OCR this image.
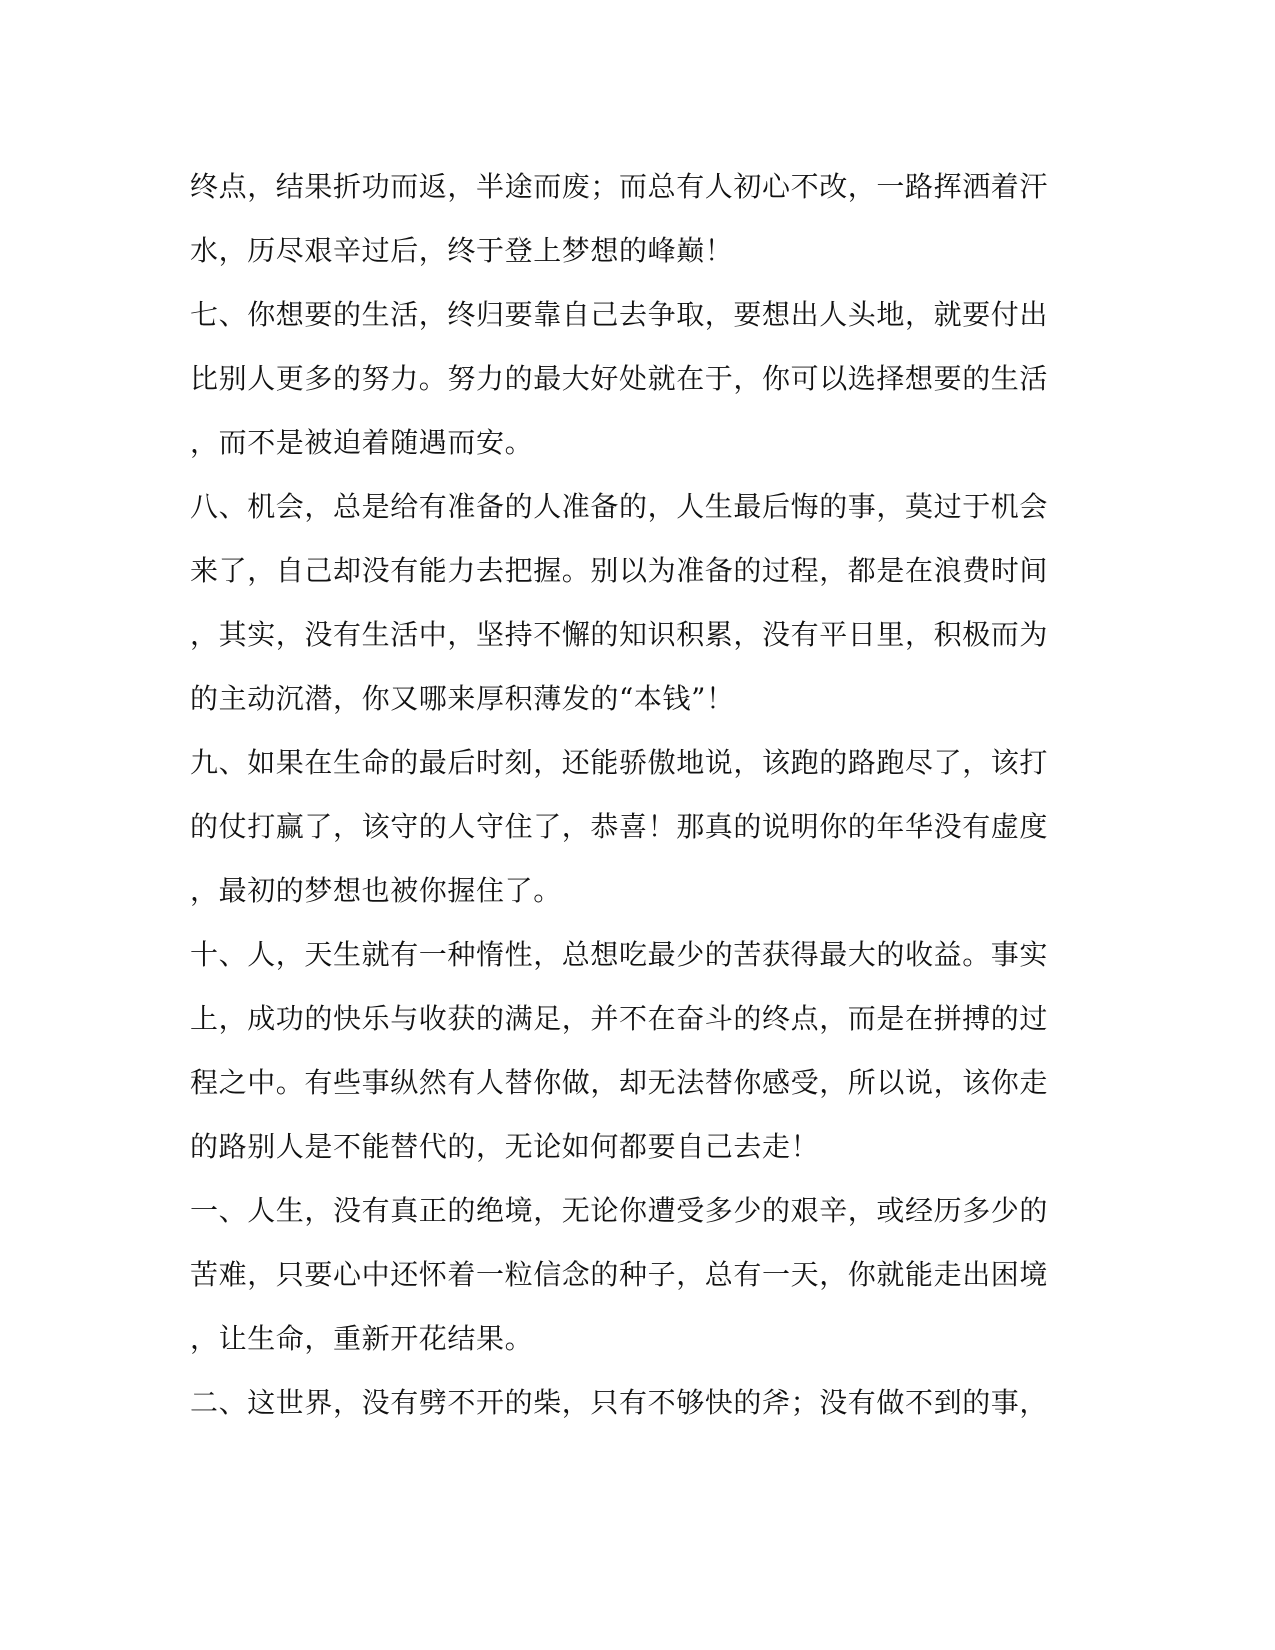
终点，结果折功而返，半途而废；而总有人初心不改，一路挥洒着汗
水，历尽艰辛过后，终于登上梦想的峰巅！
七、你想要的生活，终归要靠自己去争取，要想出人头地，就要付出
比别人更多的努力。努力的最大好处就在于，你可以选择想要的生活
，而不是被迫着随遇而安。
八、机会，总是给有准备的人准备的，人生最后悔的事，莫过于机会
来了，自己却没有能力去把握。别以为准备的过程，都是在浪费时间
，其实，没有生活中，坚持不懈的知识积累，没有平日里，积极而为
的主动沉潜，你又哪来厚积薄发的“本钱”！
九、如果在生命的最后时刻，还能骄傲地说，该跑的路跑尽了，该打
的仗打赢了，该守的人守住了，恭喜！那真的说明你的年华没有虚度
，最初的梦想也被你握住了。
十、人，天生就有一种惰性，总想吃最少的苦获得最大的收益。事实
上，成功的快乐与收获的满足，并不在奋斗的终点，而是在拼搏的过
程之中。有些事纵然有人替你做，却无法替你感受，所以说，该你走
的路别人是不能替代的，无论如何都要自己去走！
一、人生，没有真正的绝境，无论你遭受多少的艰辛，或经历多少的
苦难，只要心中还怀着一粒信念的种子，总有一天，你就能走出困境
，让生命，重新开花结果。
二、这世界，没有劈不开的柴，只有不够快的斧；没有做不到的事，
